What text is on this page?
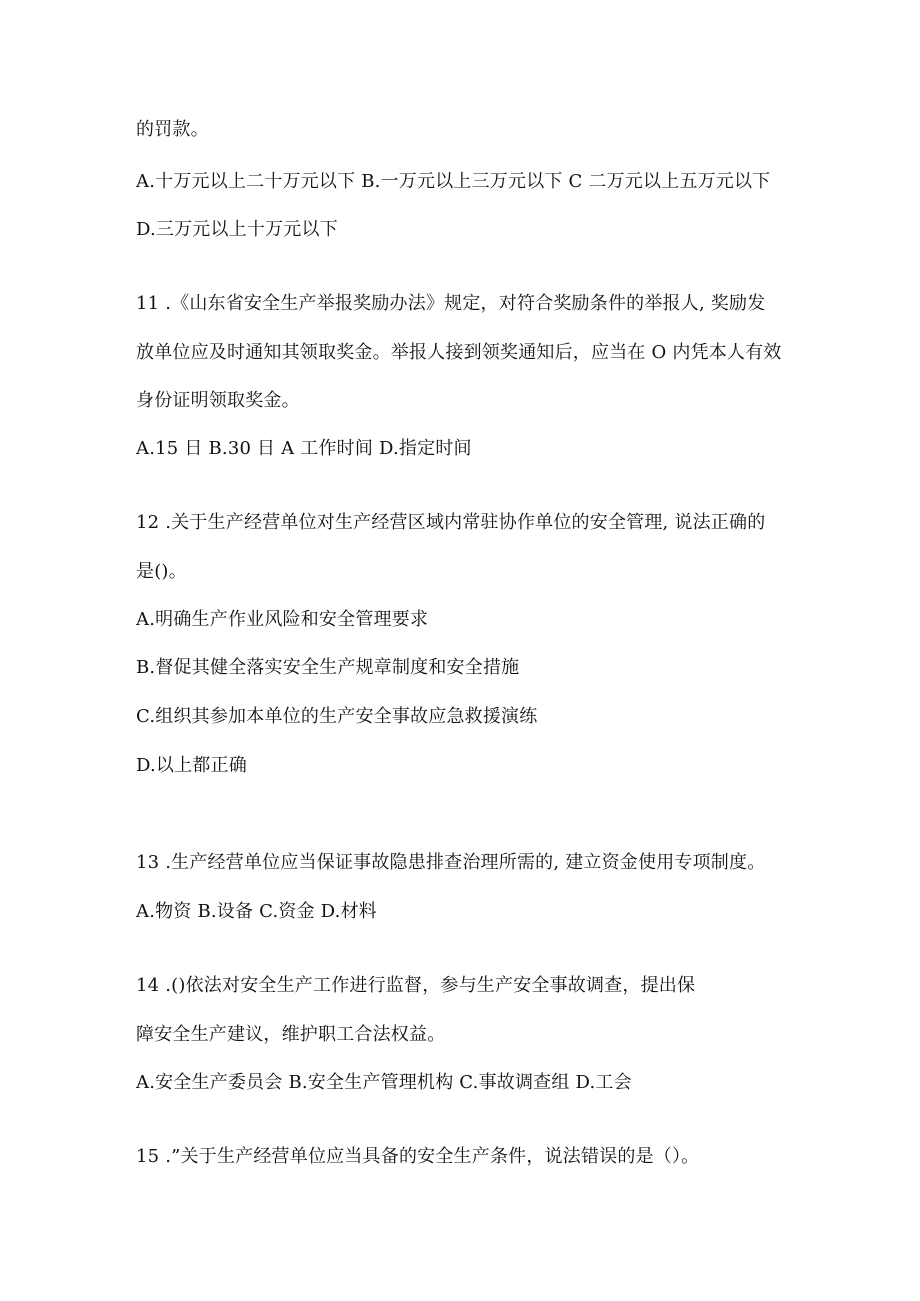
的罚款。
A.十万元以上二十万元以下 B.一万元以上三万元以下 C 二万元以上五万元以下
D.三万元以上十万元以下
11 .《山东省安全生产举报奖励办法》规定，对符合奖励条件的举报人, 奖励发
放单位应及时通知其领取奖金。举报人接到领奖通知后，应当在 O 内凭本人有效
身份证明领取奖金。
A.15 日 B.30 日 A 工作时间 D.指定时间
12 .关于生产经营单位对生产经营区域内常驻协作单位的安全管理, 说法正确的
是()。
A.明确生产作业风险和安全管理要求
B.督促其健全落实安全生产规章制度和安全措施
C.组织其参加本单位的生产安全事故应急救援演练
D.以上都正确
13 .生产经营单位应当保证事故隐患排查治理所需的, 建立资金使用专项制度。
A.物资 B.设备 C.资金 D.材料
14 .()依法对安全生产工作进行监督，参与生产安全事故调查，提出保
障安全生产建议，维护职工合法权益。
A.安全生产委员会 B.安全生产管理机构 C.事故调查组 D.工会
15 .”关于生产经营单位应当具备的安全生产条件，说法错误的是（）。
